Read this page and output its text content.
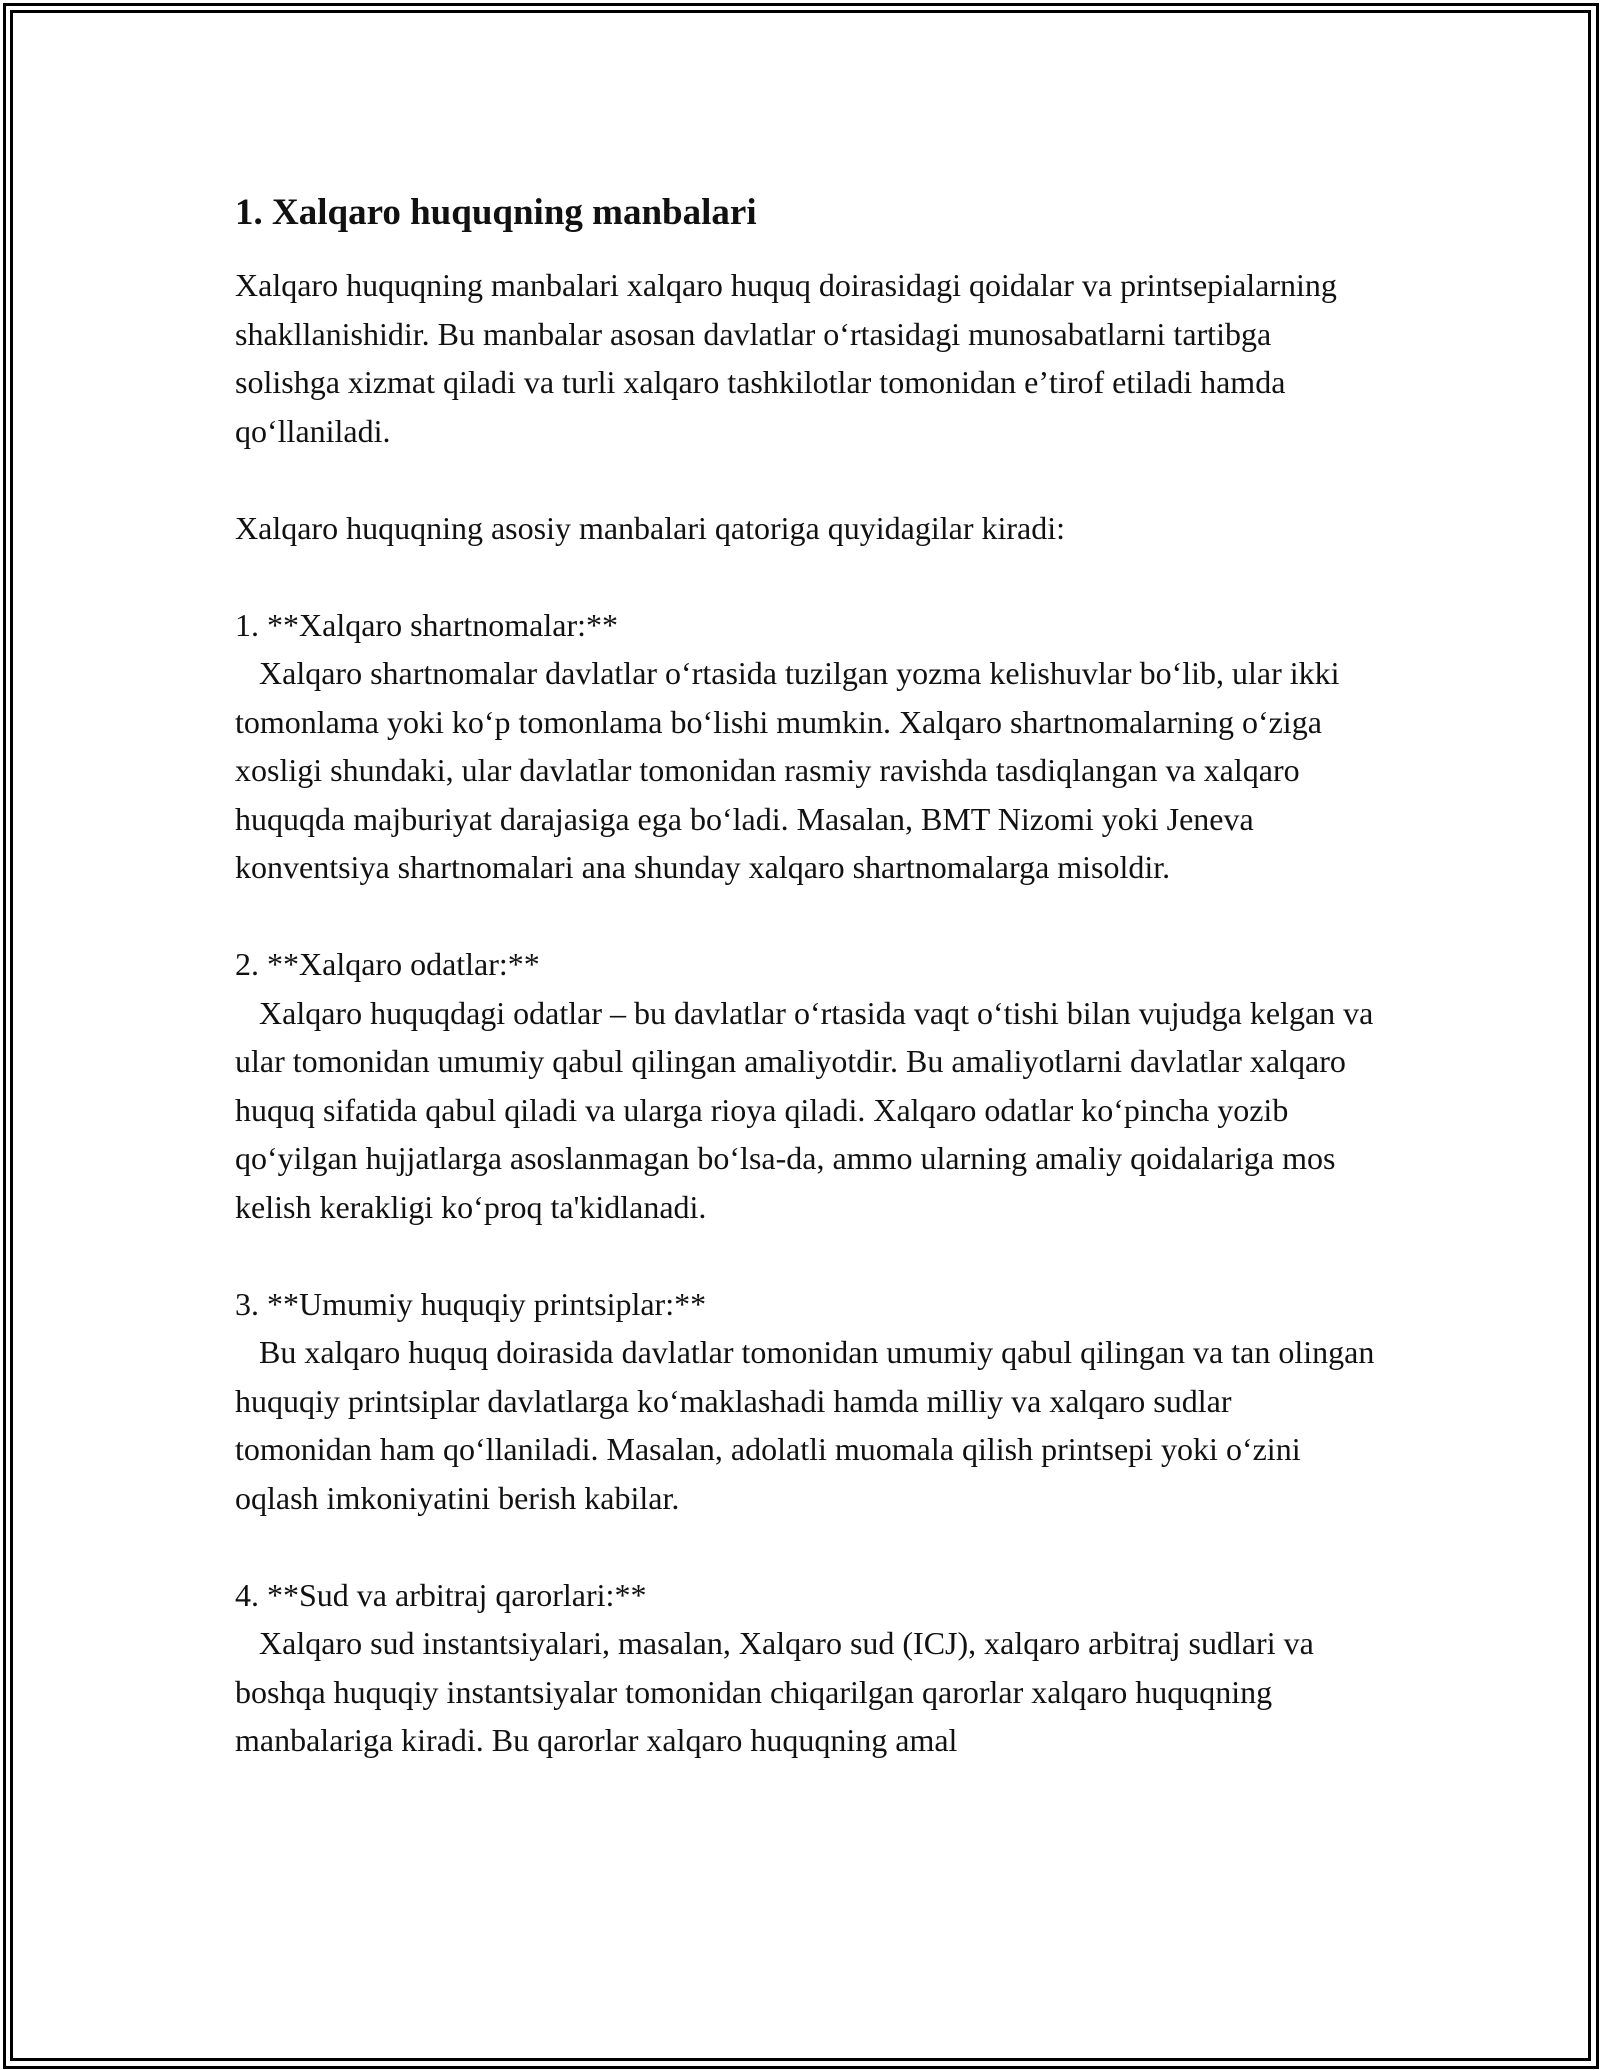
1. Xalqaro huquqning manbalari

Xalqaro huquqning manbalari xalqaro huquq doirasidagi qoidalar va printsepialarning shakllanishidir. Bu manbalar asosan davlatlar oʻrtasidagi munosabatlarni tartibga solishga xizmat qiladi va turli xalqaro tashkilotlar tomonidan eʼtirof etiladi hamda qoʻllaniladi.

Xalqaro huquqning asosiy manbalari qatoriga quyidagilar kiradi:

1. **Xalqaro shartnomalar:**

Xalqaro shartnomalar davlatlar oʻrtasida tuzilgan yozma kelishuvlar boʻlib, ular ikki tomonlama yoki koʻp tomonlama boʻlishi mumkin. Xalqaro shartnomalarning oʻziga xosligi shundaki, ular davlatlar tomonidan rasmiy ravishda tasdiqlangan va xalqaro huquqda majburiyat darajasiga ega boʻladi. Masalan, BMT Nizomi yoki Jeneva konventsiya shartnomalari ana shunday xalqaro shartnomalarga misoldir.

2. **Xalqaro odatlar:**

Xalqaro huquqdagi odatlar – bu davlatlar oʻrtasida vaqt oʻtishi bilan vujudga kelgan va ular tomonidan umumiy qabul qilingan amaliyotdir. Bu amaliyotlarni davlatlar xalqaro huquq sifatida qabul qiladi va ularga rioya qiladi. Xalqaro odatlar koʻpincha yozib qoʻyilgan hujjatlarga asoslanmagan boʻlsa-da, ammo ularning amaliy qoidalariga mos kelish kerakligi koʻproq ta'kidlanadi.

3. **Umumiy huquqiy printsiplar:**

Bu xalqaro huquq doirasida davlatlar tomonidan umumiy qabul qilingan va tan olingan huquqiy printsiplar davlatlarga koʻmaklashadi hamda milliy va xalqaro sudlar tomonidan ham qoʻllaniladi. Masalan, adolatli muomala qilish printsepi yoki oʻzini oqlash imkoniyatini berish kabilar.

4. **Sud va arbitraj qarorlari:**

Xalqaro sud instantsiyalari, masalan, Xalqaro sud (ICJ), xalqaro arbitraj sudlari va boshqa huquqiy instantsiyalar tomonidan chiqarilgan qarorlar xalqaro huquqning manbalariga kiradi. Bu qarorlar xalqaro huquqning amal
